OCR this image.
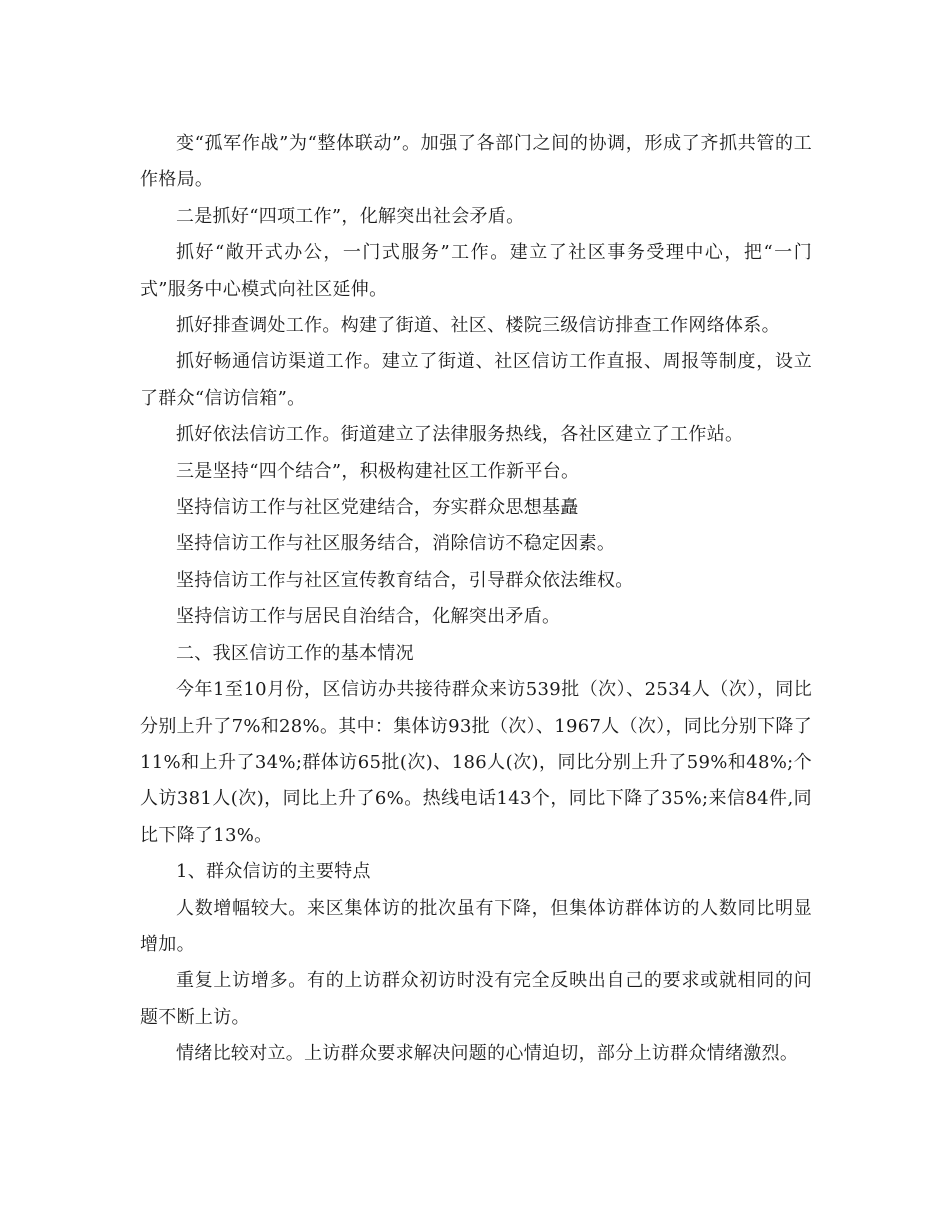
变“孤军作战”为“整体联动”。加强了各部门之间的协调，形成了齐抓共管的工作格局。

二是抓好“四项工作”，化解突出社会矛盾。

抓好“敞开式办公，一门式服务”工作。建立了社区事务受理中心，把“一门式”服务中心模式向社区延伸。

抓好排查调处工作。构建了街道、社区、楼院三级信访排查工作网络体系。

抓好畅通信访渠道工作。建立了街道、社区信访工作直报、周报等制度，设立了群众“信访信箱”。

抓好依法信访工作。街道建立了法律服务热线，各社区建立了工作站。

三是坚持“四个结合”，积极构建社区工作新平台。

坚持信访工作与社区党建结合，夯实群众思想基矗

坚持信访工作与社区服务结合，消除信访不稳定因素。

坚持信访工作与社区宣传教育结合，引导群众依法维权。

坚持信访工作与居民自治结合，化解突出矛盾。

二、我区信访工作的基本情况

今年1至10月份，区信访办共接待群众来访539批（次）、2534人（次），同比分别上升了7%和28%。其中：集体访93批（次）、1967人（次），同比分别下降了11%和上升了34%;群体访65批(次)、186人(次)，同比分别上升了59%和48%;个人访381人(次)，同比上升了6%。热线电话143个，同比下降了35%;来信84件,同比下降了13%。

1、群众信访的主要特点

人数增幅较大。来区集体访的批次虽有下降，但集体访群体访的人数同比明显增加。

重复上访增多。有的上访群众初访时没有完全反映出自己的要求或就相同的问题不断上访。

情绪比较对立。上访群众要求解决问题的心情迫切，部分上访群众情绪激烈。
